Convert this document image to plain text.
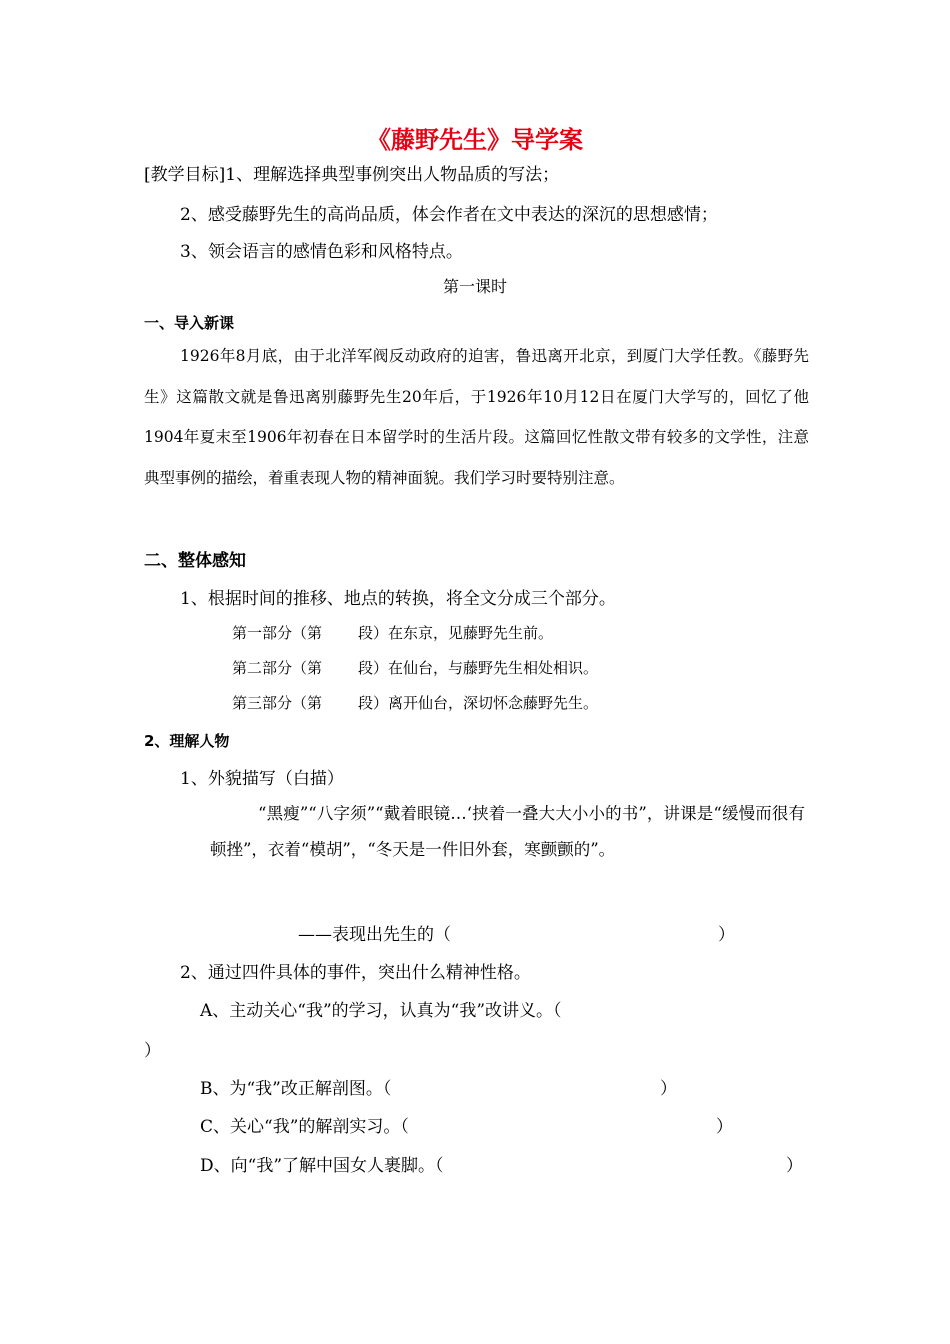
《藤野先生》导学案
[教学目标]1、理解选择典型事例突出人物品质的写法；
2、感受藤野先生的高尚品质，体会作者在文中表达的深沉的思想感情；
3、领会语言的感情色彩和风格特点。
第一课时
一、导入新课
1926年8月底，由于北洋军阀反动政府的迫害，鲁迅离开北京，到厦门大学任教。《藤野先生》这篇散文就是鲁迅离别藤野先生20年后，于1926年10月12日在厦门大学写的，回忆了他1904年夏末至1906年初春在日本留学时的生活片段。这篇回忆性散文带有较多的文学性，注意典型事例的描绘，着重表现人物的精神面貌。我们学习时要特别注意。
二、整体感知
1、根据时间的推移、地点的转换，将全文分成三个部分。
第一部分（第 段）在东京，见藤野先生前。
第二部分（第 段）在仙台，与藤野先生相处相识。
第三部分（第 段）离开仙台，深切怀念藤野先生。
2、理解人物
1、外貌描写（白描）
“黑瘦”“八字须”“戴着眼镜…‘挟着一叠大大小小的书”，讲课是“缓慢而很有顿挫”，衣着“模胡”，“冬天是一件旧外套，寒颤颤的”。
——表现出先生的（	）
2、通过四件具体的事件，突出什么精神性格。
A、主动关心“我”的学习，认真为“我”改讲义。（
）
B、为“我”改正解剖图。（	）
C、关心“我”的解剖实习。（	）
D、向“我”了解中国女人裹脚。（	）
